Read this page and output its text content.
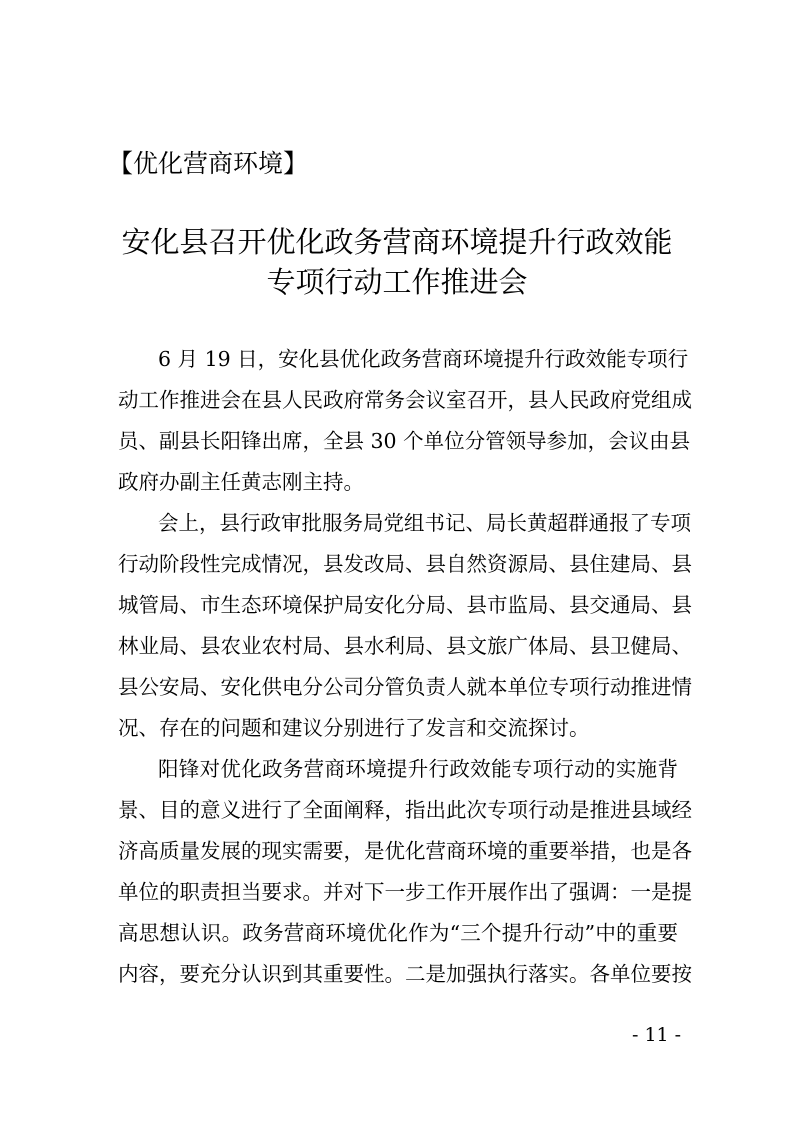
【优化营商环境】
安化县召开优化政务营商环境提升行政效能
专项行动工作推进会
6 月 19 日，安化县优化政务营商环境提升行政效能专项行
动工作推进会在县人民政府常务会议室召开，县人民政府党组成
员、副县长阳锋出席，全县 30 个单位分管领导参加，会议由县
政府办副主任黄志刚主持。
会上，县行政审批服务局党组书记、局长黄超群通报了专项
行动阶段性完成情况，县发改局、县自然资源局、县住建局、县
城管局、市生态环境保护局安化分局、县市监局、县交通局、县
林业局、县农业农村局、县水利局、县文旅广体局、县卫健局、
县公安局、安化供电分公司分管负责人就本单位专项行动推进情
况、存在的问题和建议分别进行了发言和交流探讨。
阳锋对优化政务营商环境提升行政效能专项行动的实施背
景、目的意义进行了全面阐释，指出此次专项行动是推进县域经
济高质量发展的现实需要，是优化营商环境的重要举措，也是各
单位的职责担当要求。并对下一步工作开展作出了强调：一是提
高思想认识。政务营商环境优化作为“三个提升行动”中的重要
内容，要充分认识到其重要性。二是加强执行落实。各单位要按
- 11 -
